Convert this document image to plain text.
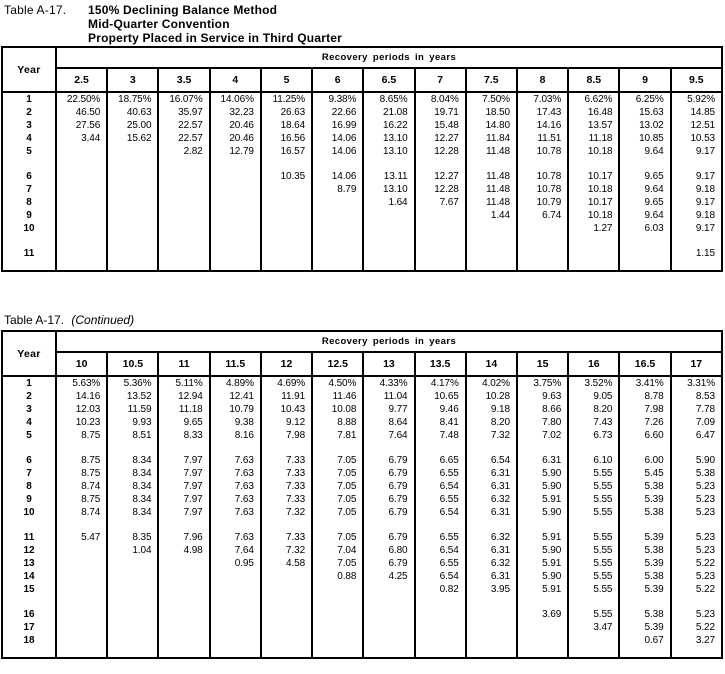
Table A-17.	150% Declining Balance Method
Mid-Quarter Convention
Property Placed in Service in Third Quarter
Year	Recovery periods in years												
	2.5	3	3.5	4	5	6	6.5	7	7.5	8	8.5	9	9.5
1	22.50%	18.75%	16.07%	14.06%	11.25%	9.38%	8.65%	8.04%	7.50%	7.03%	6.62%	6.25%	5.92%
2	46.50	40.63	35.97	32.23	26.63	22.66	21.08	19.71	18.50	17.43	16.48	15.63	14.85
3	27.56	25.00	22.57	20.46	18.64	16.99	16.22	15.48	14.80	14.16	13.57	13.02	12.51
4	3.44	15.62	22.57	20.46	16.56	14.06	13.10	12.27	11.84	11.51	11.18	10.85	10.53
5			2.82	12.79	16.57	14.06	13.10	12.28	11.48	10.78	10.18	9.64	9.17

6					10.35	14.06	13.11	12.27	11.48	10.78	10.17	9.65	9.17
7						8.79	13.10	12.28	11.48	10.78	10.18	9.64	9.18
8							1.64	7.67	11.48	10.79	10.17	9.65	9.17
9									1.44	6.74	10.18	9.64	9.18
10											1.27	6.03	9.17

11													1.15

Table A-17. (Continued)
Year	Recovery periods in years												
	10	10.5	11	11.5	12	12.5	13	13.5	14	15	16	16.5	17
1	5.63%	5.36%	5.11%	4.89%	4.69%	4.50%	4.33%	4.17%	4.02%	3.75%	3.52%	3.41%	3.31%
2	14.16	13.52	12.94	12.41	11.91	11.46	11.04	10.65	10.28	9.63	9.05	8.78	8.53
3	12.03	11.59	11.18	10.79	10.43	10.08	9.77	9.46	9.18	8.66	8.20	7.98	7.78
4	10.23	9.93	9.65	9.38	9.12	8.88	8.64	8.41	8.20	7.80	7.43	7.26	7.09
5	8.75	8.51	8.33	8.16	7.98	7.81	7.64	7.48	7.32	7.02	6.73	6.60	6.47

6	8.75	8.34	7.97	7.63	7.33	7.05	6.79	6.65	6.54	6.31	6.10	6.00	5.90
7	8.75	8.34	7.97	7.63	7.33	7.05	6.79	6.55	6.31	5.90	5.55	5.45	5.38
8	8.74	8.34	7.97	7.63	7.33	7.05	6.79	6.54	6.31	5.90	5.55	5.38	5.23
9	8.75	8.34	7.97	7.63	7.33	7.05	6.79	6.55	6.32	5.91	5.55	5.39	5.23
10	8.74	8.34	7.97	7.63	7.32	7.05	6.79	6.54	6.31	5.90	5.55	5.38	5.23

11	5.47	8.35	7.96	7.63	7.33	7.05	6.79	6.55	6.32	5.91	5.55	5.39	5.23
12		1.04	4.98	7.64	7.32	7.04	6.80	6.54	6.31	5.90	5.55	5.38	5.23
13				0.95	4.58	7.05	6.79	6.55	6.32	5.91	5.55	5.39	5.22
14						0.88	4.25	6.54	6.31	5.90	5.55	5.38	5.23
15								0.82	3.95	5.91	5.55	5.39	5.22

16										3.69	5.55	5.38	5.23
17											3.47	5.39	5.22
18												0.67	3.27
